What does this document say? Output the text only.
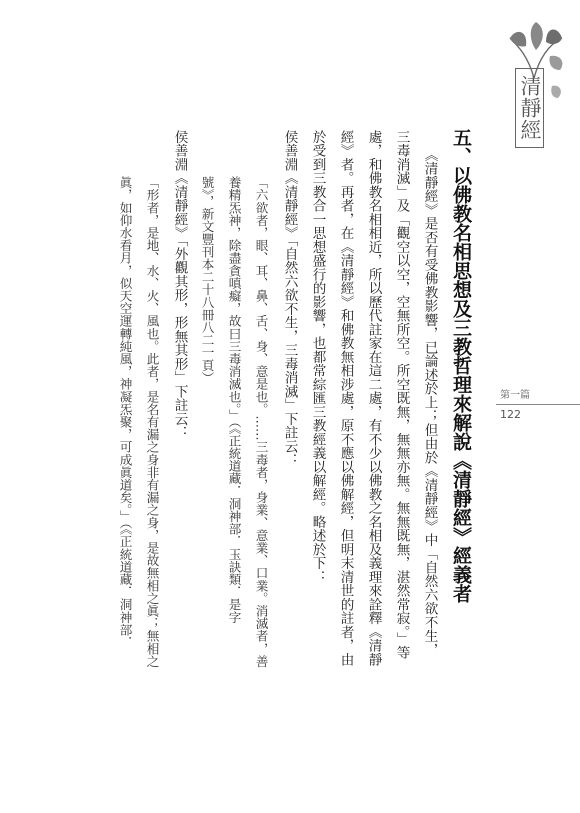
清靜經
第一篇
122
五、以佛教名相思想及三教哲理來解說《清靜經》經義者
《清靜經》是否有受佛教影響，已論述於上；但由於《清靜經》中「自然六欲不生，
三毒消滅」及「觀空以空，空無所空。所空既無，無無亦無。無無既無，湛然常寂。」等
處，和佛教名相相近，所以歷代註家在這二處，有不少以佛教之名相及義理來詮釋《清靜
經》者。再者，在《清靜經》和佛教無相涉處，原不應以佛解經，但明末清世的註者，由
於受到三教合一思想盛行的影響，也都常綜匯三教經義以解經。略述於下：
侯善淵《清靜經》「自然六欲不生，三毒消滅」下註云：
「六欲者，眼、耳、鼻、舌、身、意是也。……三毒者，身業、意業、口業。消滅者，善
養精炁神，除盡貪嗔癡，故曰三毒消滅也。」（《正統道藏．洞神部．玉訣類．是字
號》，新文豐刊本二十八冊八二一頁）
侯善淵《清靜經》「外觀其形，形無其形」下註云：
「形者，是地、水、火、風也。此者，是名有漏之身非有漏之身，是故無相之眞；無相之
眞，如仰水看月，似天空運轉純風，神凝炁聚，可成眞道矣。」（《正統道藏．洞神部．
